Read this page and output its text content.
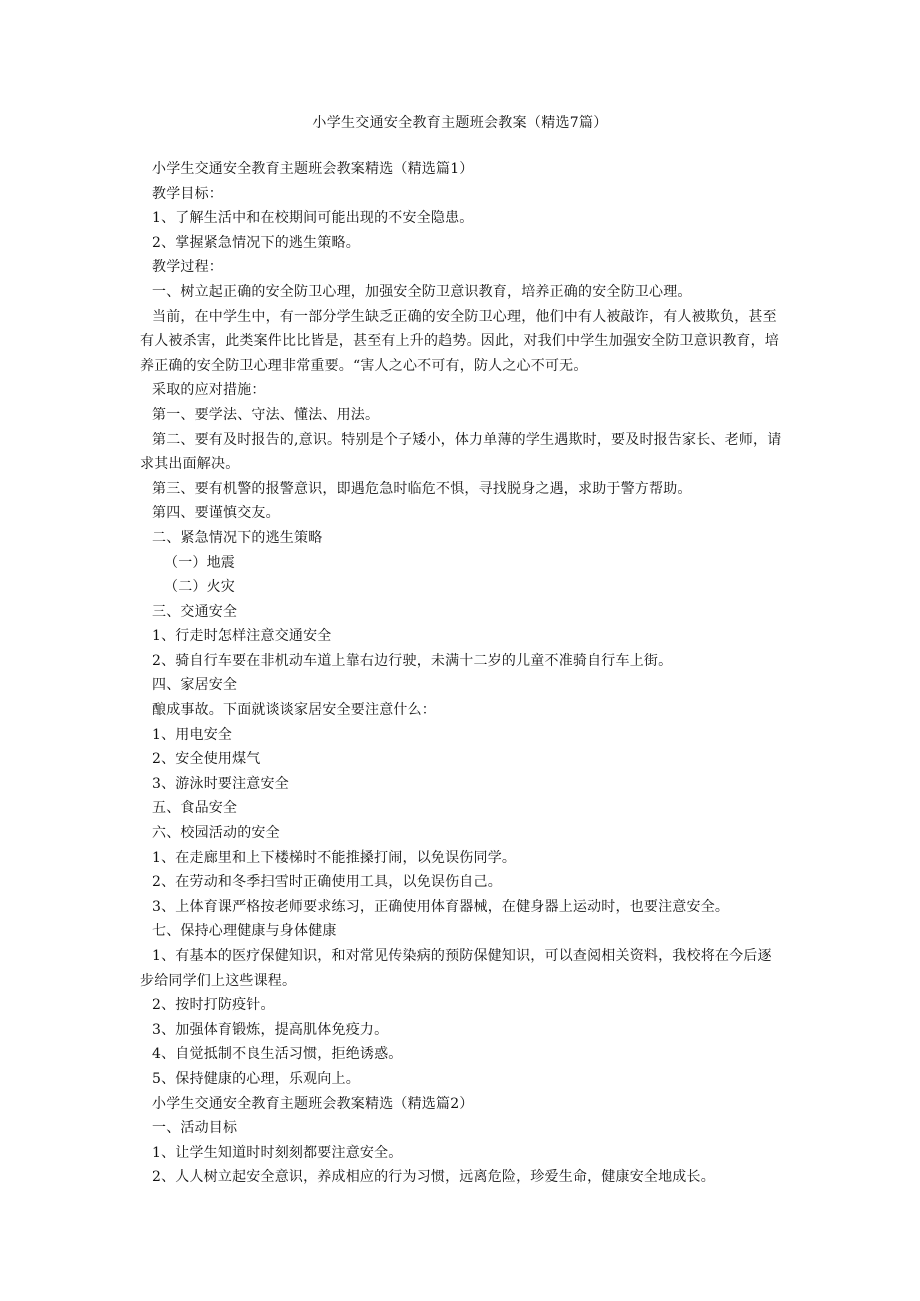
小学生交通安全教育主题班会教案（精选7篇）
小学生交通安全教育主题班会教案精选（精选篇1）
教学目标：
1、了解生活中和在校期间可能出现的不安全隐患。
2、掌握紧急情况下的逃生策略。
教学过程：
一、树立起正确的安全防卫心理，加强安全防卫意识教育，培养正确的安全防卫心理。
当前，在中学生中，有一部分学生缺乏正确的安全防卫心理，他们中有人被敲诈，有人被欺负，甚至有人被杀害，此类案件比比皆是，甚至有上升的趋势。因此，对我们中学生加强安全防卫意识教育，培养正确的安全防卫心理非常重要。“害人之心不可有，防人之心不可无。
采取的应对措施：
第一、要学法、守法、懂法、用法。
第二、要有及时报告的,意识。特别是个子矮小，体力单薄的学生遇欺时，要及时报告家长、老师，请求其出面解决。
第三、要有机警的报警意识，即遇危急时临危不惧，寻找脱身之遇，求助于警方帮助。
第四、要谨慎交友。
二、紧急情况下的逃生策略
（一）地震
（二）火灾
三、交通安全
1、行走时怎样注意交通安全
2、骑自行车要在非机动车道上靠右边行驶，未满十二岁的儿童不准骑自行车上街。
四、家居安全
酿成事故。下面就谈谈家居安全要注意什么：
1、用电安全
2、安全使用煤气
3、游泳时要注意安全
五、食品安全
六、校园活动的安全
1、在走廊里和上下楼梯时不能推搡打闹，以免误伤同学。
2、在劳动和冬季扫雪时正确使用工具，以免误伤自己。
3、上体育课严格按老师要求练习，正确使用体育器械，在健身器上运动时，也要注意安全。
七、保持心理健康与身体健康
1、有基本的医疗保健知识，和对常见传染病的预防保健知识，可以查阅相关资料，我校将在今后逐步给同学们上这些课程。
2、按时打防疫针。
3、加强体育锻炼，提高肌体免疫力。
4、自觉抵制不良生活习惯，拒绝诱惑。
5、保持健康的心理，乐观向上。
小学生交通安全教育主题班会教案精选（精选篇2）
一、活动目标
1、让学生知道时时刻刻都要注意安全。
2、人人树立起安全意识，养成相应的行为习惯，远离危险，珍爱生命，健康安全地成长。
